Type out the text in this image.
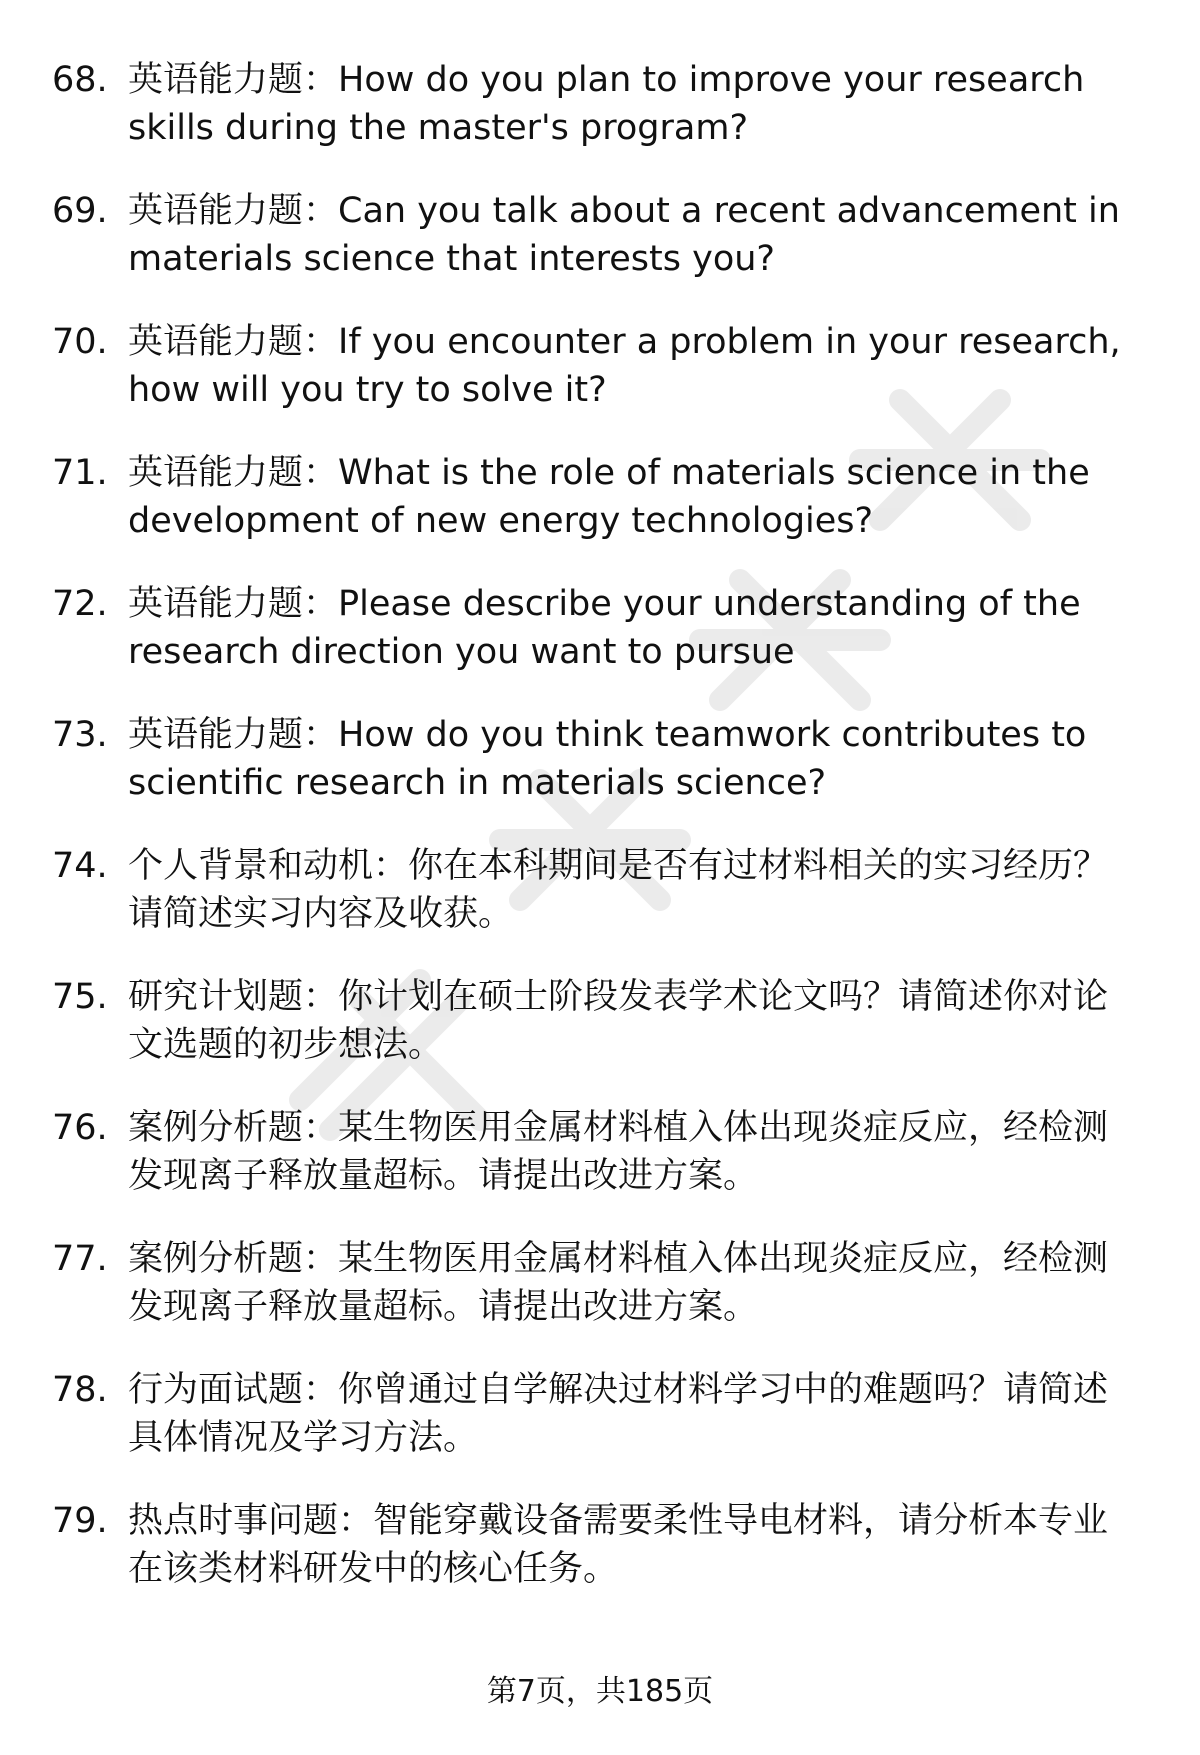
68. 英语能力题：How do you plan to improve your research skills during the master's program?
69. 英语能力题：Can you talk about a recent advancement in materials science that interests you?
70. 英语能力题：If you encounter a problem in your research, how will you try to solve it?
71. 英语能力题：What is the role of materials science in the development of new energy technologies?
72. 英语能力题：Please describe your understanding of the research direction you want to pursue
73. 英语能力题：How do you think teamwork contributes to scientific research in materials science?
74. 个人背景和动机：你在本科期间是否有过材料相关的实习经历？请简述实习内容及收获。
75. 研究计划题：你计划在硕士阶段发表学术论文吗？请简述你对论文选题的初步想法。
76. 案例分析题：某生物医用金属材料植入体出现炎症反应，经检测发现离子释放量超标。请提出改进方案。
77. 案例分析题：某生物医用金属材料植入体出现炎症反应，经检测发现离子释放量超标。请提出改进方案。
78. 行为面试题：你曾通过自学解决过材料学习中的难题吗？请简述具体情况及学习方法。
79. 热点时事问题：智能穿戴设备需要柔性导电材料，请分析本专业在该类材料研发中的核心任务。
第7页，共185页
